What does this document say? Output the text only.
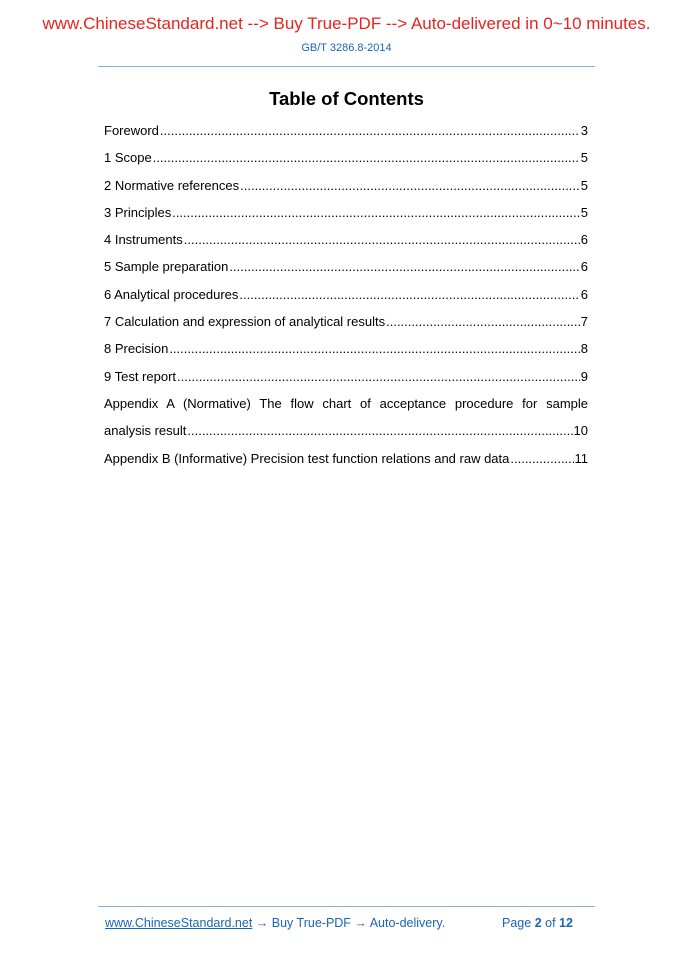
www.ChineseStandard.net --> Buy True-PDF --> Auto-delivered in 0~10 minutes.
GB/T 3286.8-2014
Table of Contents
Foreword .....	3
1 Scope .....	5
2 Normative references .....	5
3 Principles .....	5
4 Instruments .....	6
5 Sample preparation .....	6
6 Analytical procedures .....	6
7 Calculation and expression of analytical results .....	7
8 Precision .....	8
9 Test report .....	9
Appendix A (Normative) The flow chart of acceptance procedure for sample
analysis result .....	10
Appendix B (Informative) Precision test function relations and raw data .....	11
www.ChineseStandard.net → Buy True-PDF → Auto-delivery.	Page 2 of 12
